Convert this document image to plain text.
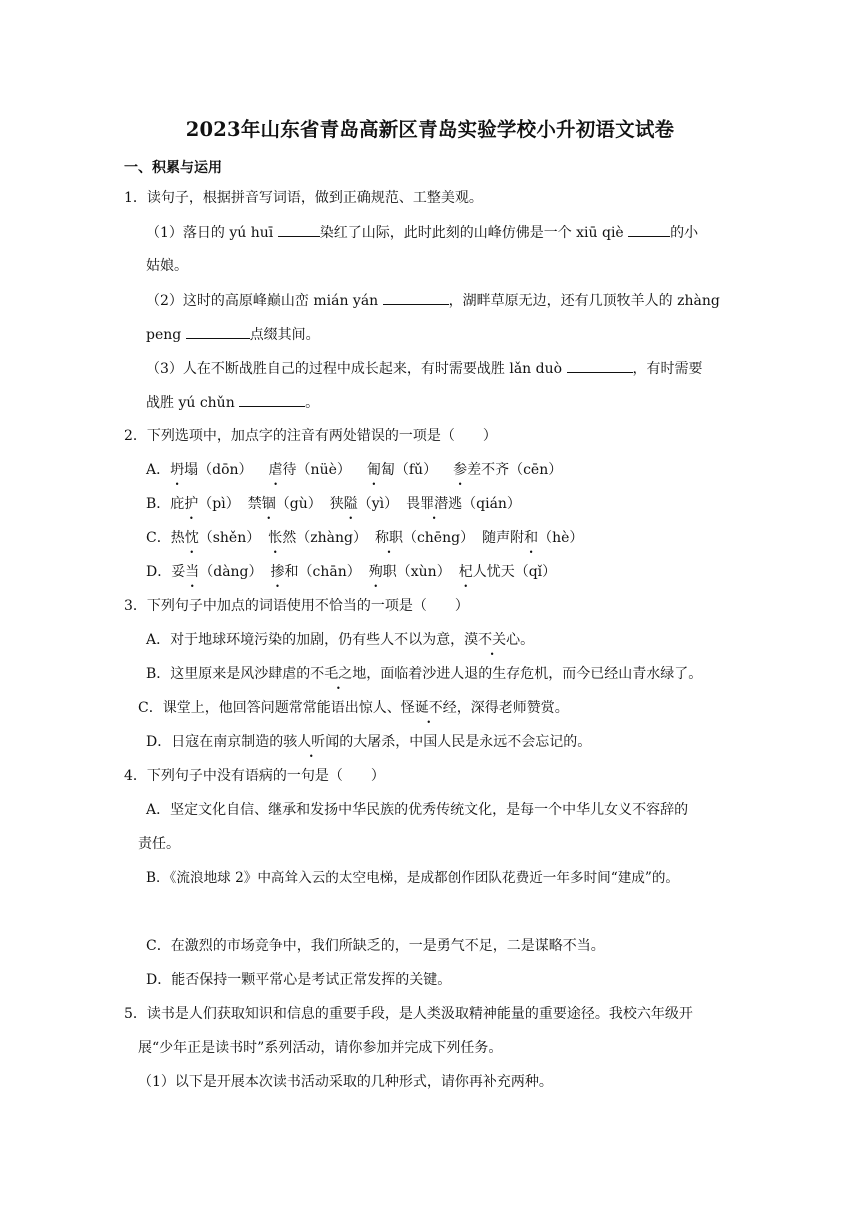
2023年山东省青岛高新区青岛实验学校小升初语文试卷
一、积累与运用
1．读句子，根据拼音写词语，做到正确规范、工整美观。
（1）落日的 yú huī	染红了山际，此时此刻的山峰仿佛是一个 xiū qiè	的小
姑娘。
（2）这时的高原峰巅山峦 mián yán	，湖畔草原无边，还有几顶牧羊人的 zhàng
peng	点缀其间。
（3）人在不断战胜自己的过程中成长起来，有时需要战胜 lǎn duò	，有时需要
战胜 yú chǔn	。
2．下列选项中，加点字的注音有两处错误的一项是（　　）
A．坍塌（dōn） 虐待（nüè） 匍匐（fǔ） 参差不齐（cēn）
B．庇护（pì） 禁锢（gù） 狭隘（yì） 畏罪潜逃（qián）
C．热忱（shěn） 怅然（zhàng） 称职（chēng） 随声附和（hè）
D．妥当（dàng） 掺和（chān） 殉职（xùn） 杞人忧天（qǐ）
3．下列句子中加点的词语使用不恰当的一项是（　　）
A．对于地球环境污染的加剧，仍有些人不以为意，漠不关心。
B．这里原来是风沙肆虐的不毛之地，面临着沙进人退的生存危机，而今已经山青水绿了。
C．课堂上，他回答问题常常能语出惊人、怪诞不经，深得老师赞赏。
D．日寇在南京制造的骇人听闻的大屠杀，中国人民是永远不会忘记的。
4．下列句子中没有语病的一句是（　　）
A．坚定文化自信、继承和发扬中华民族的优秀传统文化，是每一个中华儿女义不容辞的
责任。
B．《流浪地球 2》中高耸入云的太空电梯，是成都创作团队花费近一年多时间“建成”的。
C．在激烈的市场竞争中，我们所缺乏的，一是勇气不足，二是谋略不当。
D．能否保持一颗平常心是考试正常发挥的关键。
5．读书是人们获取知识和信息的重要手段，是人类汲取精神能量的重要途径。我校六年级开
展“少年正是读书时”系列活动，请你参加并完成下列任务。
（1）以下是开展本次读书活动采取的几种形式，请你再补充两种。
